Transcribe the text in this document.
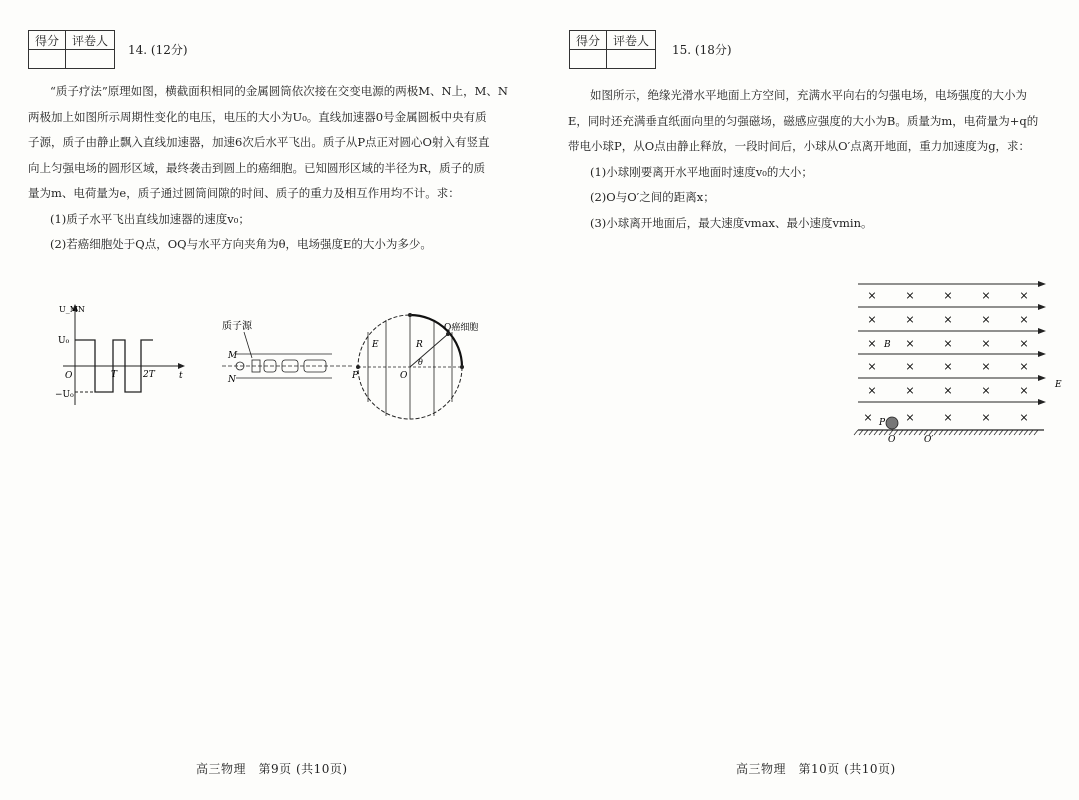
得分	评卷人

14. (12分)

“质子疗法”原理如图，横截面积相同的金属圆筒依次接在交变电源的两极M、N上，M、N

两极加上如图所示周期性变化的电压，电压的大小为U₀。直线加速器0号金属圆板中央有质

子源，质子由静止飘入直线加速器，加速6次后水平飞出。质子从P点正对圆心O射入有竖直

向上匀强电场的圆形区域，最终袭击到圆上的癌细胞。已知圆形区域的半径为R，质子的质

量为m、电荷量为e，质子通过圆筒间隙的时间、质子的重力及相互作用均不计。求：

(1)质子水平飞出直线加速器的速度v₀；

(2)若癌细胞处于Q点，OQ与水平方向夹角为θ，电场强度E的大小为多少。

U_MN
U₀
−U₀
O	T	2T	t
质子源
M
N
E	R
Q癌细胞
θ
P	O
高三物理　第9页 (共10页)
得分	评卷人

15. (18分)

如图所示，绝缘光滑水平地面上方空间，充满水平向右的匀强电场，电场强度的大小为

E，同时还充满垂直纸面向里的匀强磁场，磁感应强度的大小为B。质量为m，电荷量为+q的

带电小球P，从O点由静止释放，一段时间后，小球从O′点离开地面，重力加速度为g，求：

(1)小球刚要离开水平地面时速度v₀的大小；

(2)O与O′之间的距离x；

(3)小球离开地面后，最大速度vmax、最小速度vmin。

×	×	×	×	×
×	×	×	×	×
×	×	×	×	×
×	×	×	×	×
×	×	×	×	×
×	×	×	×	×
B
E
P
O	O′
高三物理　第10页 (共10页)
